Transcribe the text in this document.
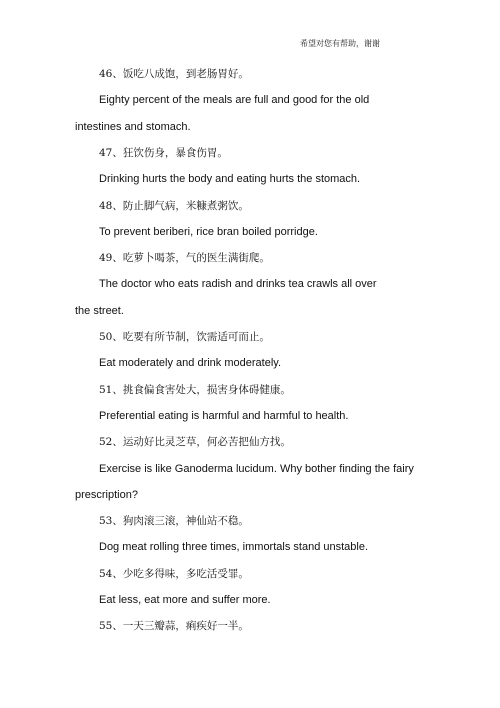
希望对您有帮助，谢谢
46、饭吃八成饱，到老肠胃好。
Eighty percent of the meals are full and good for the old
intestines and stomach.
47、狂饮伤身，暴食伤胃。
Drinking hurts the body and eating hurts the stomach.
48、防止脚气病，米糠煮粥饮。
To prevent beriberi, rice bran boiled porridge.
49、吃萝卜喝茶，气的医生满街爬。
The doctor who eats radish and drinks tea crawls all over
the street.
50、吃要有所节制，饮需适可而止。
Eat moderately and drink moderately.
51、挑食偏食害处大，损害身体碍健康。
Preferential eating is harmful and harmful to health.
52、运动好比灵芝草，何必苦把仙方找。
Exercise is like Ganoderma lucidum. Why bother finding the fairy
prescription?
53、狗肉滚三滚，神仙站不稳。
Dog meat rolling three times, immortals stand unstable.
54、少吃多得味，多吃活受罪。
Eat less, eat more and suffer more.
55、一天三瓣蒜，痢疾好一半。
